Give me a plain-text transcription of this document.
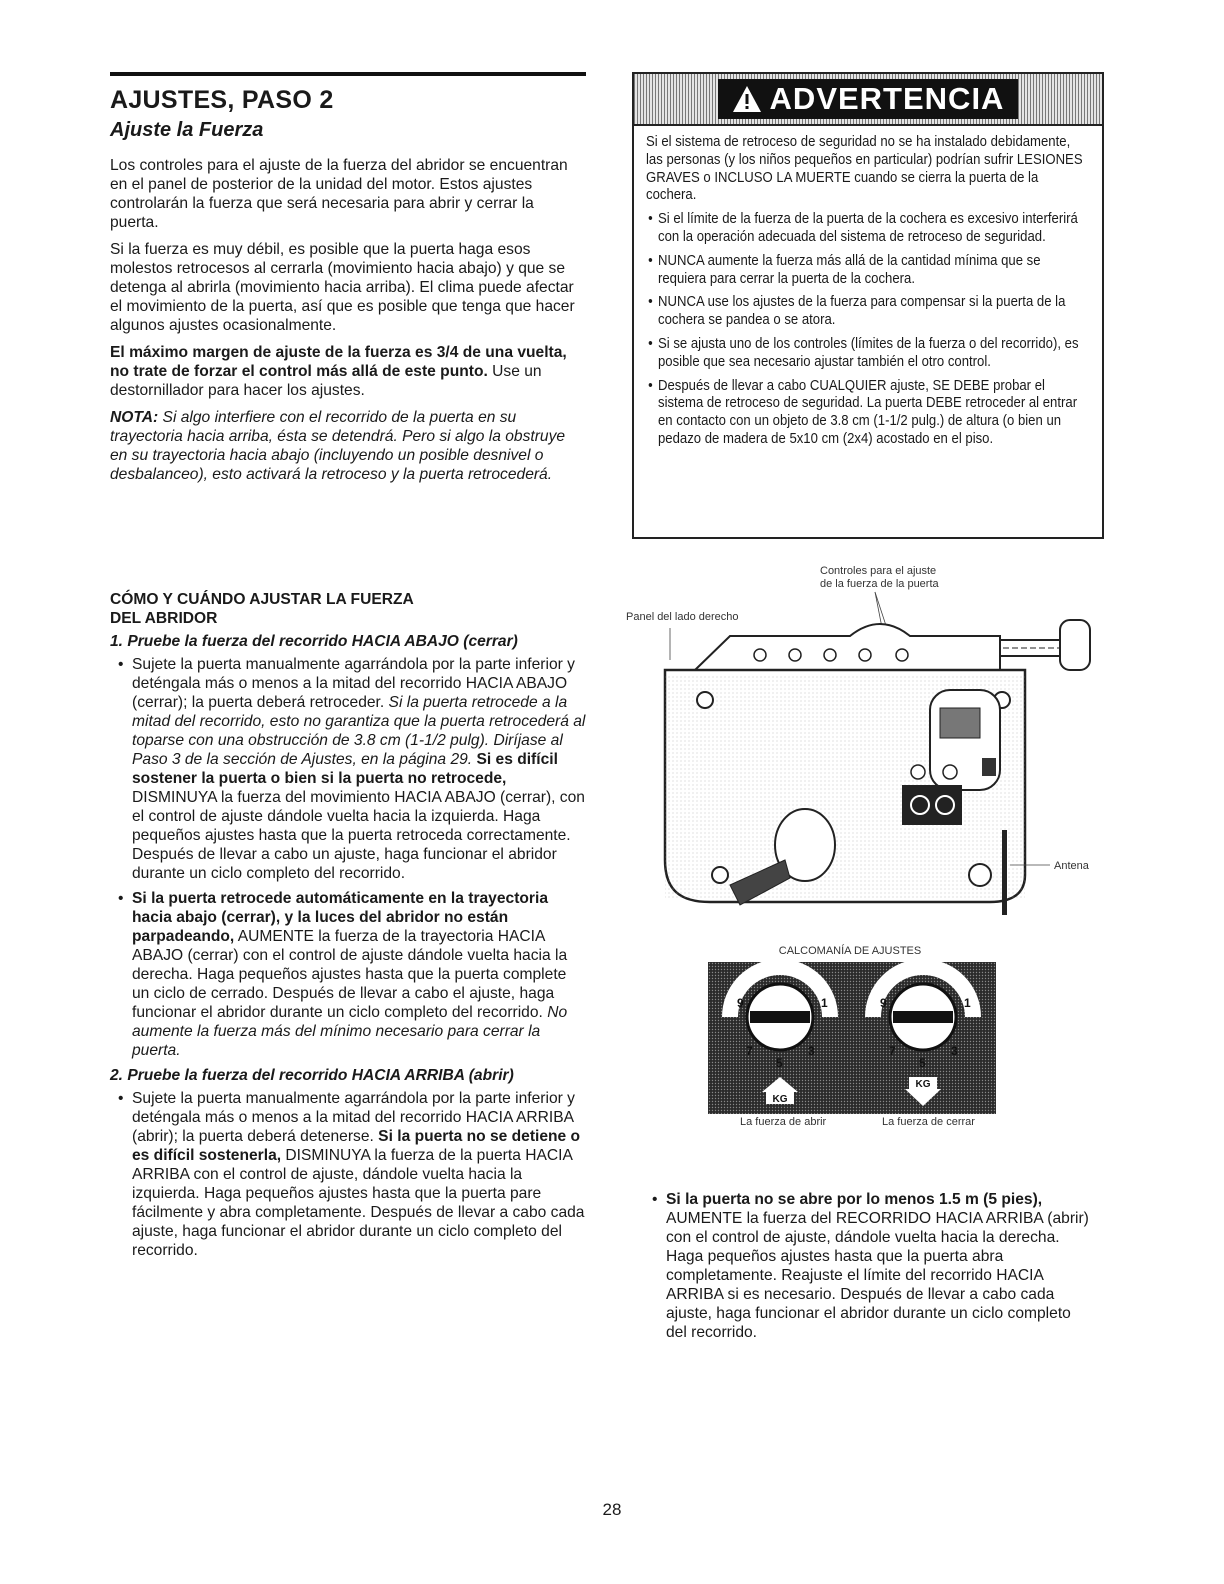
AJUSTES, PASO 2
Ajuste la Fuerza

Los controles para el ajuste de la fuerza del abridor se encuentran en el panel de posterior de la unidad del motor. Estos ajustes controlarán la fuerza que será necesaria para abrir y cerrar la puerta.

Si la fuerza es muy débil, es posible que la puerta haga esos molestos retrocesos al cerrarla (movimiento hacia abajo) y que se detenga al abrirla (movimiento hacia arriba). El clima puede afectar el movimiento de la puerta, así que es posible que tenga que hacer algunos ajustes ocasionalmente.

El máximo margen de ajuste de la fuerza es 3/4 de una vuelta, no trate de forzar el control más allá de este punto. Use un destornillador para hacer los ajustes.

NOTA: Si algo interfiere con el recorrido de la puerta en su trayectoria hacia arriba, ésta se detendrá. Pero si algo la obstruye en su trayectoria hacia abajo (incluyendo un posible desnivel o desbalanceo), esto activará la retroceso y la puerta retrocederá.

CÓMO Y CUÁNDO AJUSTAR LA FUERZA
DEL ABRIDOR
1. Pruebe la fuerza del recorrido HACIA ABAJO (cerrar)
• Sujete la puerta manualmente agarrándola por la parte inferior y deténgala más o menos a la mitad del recorrido HACIA ABAJO (cerrar); la puerta deberá retroceder. Si la puerta retrocede a la mitad del recorrido, esto no garantiza que la puerta retrocederá al toparse con una obstrucción de 3.8 cm (1-1/2 pulg). Diríjase al Paso 3 de la sección de Ajustes, en la página 29. Si es difícil sostener la puerta o bien si la puerta no retrocede, DISMINUYA la fuerza del movimiento HACIA ABAJO (cerrar), con el control de ajuste dándole vuelta hacia la izquierda. Haga pequeños ajustes hasta que la puerta retroceda correctamente. Después de llevar a cabo un ajuste, haga funcionar el abridor durante un ciclo completo del recorrido.
• Si la puerta retrocede automáticamente en la trayectoria hacia abajo (cerrar), y la luces del abridor no están parpadeando, AUMENTE la fuerza de la trayectoria HACIA ABAJO (cerrar) con el control de ajuste dándole vuelta hacia la derecha. Haga pequeños ajustes hasta que la puerta complete un ciclo de cerrado. Después de llevar a cabo el ajuste, haga funcionar el abridor durante un ciclo completo del recorrido. No aumente la fuerza más del mínimo necesario para cerrar la puerta.
2. Pruebe la fuerza del recorrido HACIA ARRIBA (abrir)
• Sujete la puerta manualmente agarrándola por la parte inferior y deténgala más o menos a la mitad del recorrido HACIA ARRIBA (abrir); la puerta deberá detenerse. Si la puerta no se detiene o es difícil sostenerla, DISMINUYA la fuerza de la puerta HACIA ARRIBA con el control de ajuste, dándole vuelta hacia la izquierda. Haga pequeños ajustes hasta que la puerta pare fácilmente y abra completamente. Después de llevar a cabo cada ajuste, haga funcionar el abridor durante un ciclo completo del recorrido.
ADVERTENCIA

Si el sistema de retroceso de seguridad no se ha instalado debidamente, las personas (y los niños pequeños en particular) podrían sufrir LESIONES GRAVES o INCLUSO LA MUERTE cuando se cierra la puerta de la cochera.

• Si el límite de la fuerza de la puerta de la cochera es excesivo interferirá con la operación adecuada del sistema de retroceso de seguridad.
• NUNCA aumente la fuerza más allá de la cantidad mínima que se requiera para cerrar la puerta de la cochera.
• NUNCA use los ajustes de la fuerza para compensar si la puerta de la cochera se pandea o se atora.
• Si se ajusta uno de los controles (límites de la fuerza o del recorrido), es posible que sea necesario ajustar también el otro control.
• Después de llevar a cabo CUALQUIER ajuste, SE DEBE probar el sistema de retroceso de seguridad. La puerta DEBE retroceder al entrar en contacto con un objeto de 3.8 cm (1-1/2 pulg.) de altura (o bien un pedazo de madera de 5x10 cm (2x4) acostado en el piso.
Controles para el ajuste
de la fuerza de la puerta
Panel del lado derecho
Antena
CALCOMANÍA DE AJUSTES
9
7
5
3
1
KG
9
7
5
3
1
KG
La fuerza de abrir	La fuerza de cerrar
• Si la puerta no se abre por lo menos 1.5 m (5 pies), AUMENTE la fuerza del RECORRIDO HACIA ARRIBA (abrir) con el control de ajuste, dándole vuelta hacia la derecha. Haga pequeños ajustes hasta que la puerta abra completamente. Reajuste el límite del recorrido HACIA ARRIBA si es necesario. Después de llevar a cabo cada ajuste, haga funcionar el abridor durante un ciclo completo del recorrido.
28
